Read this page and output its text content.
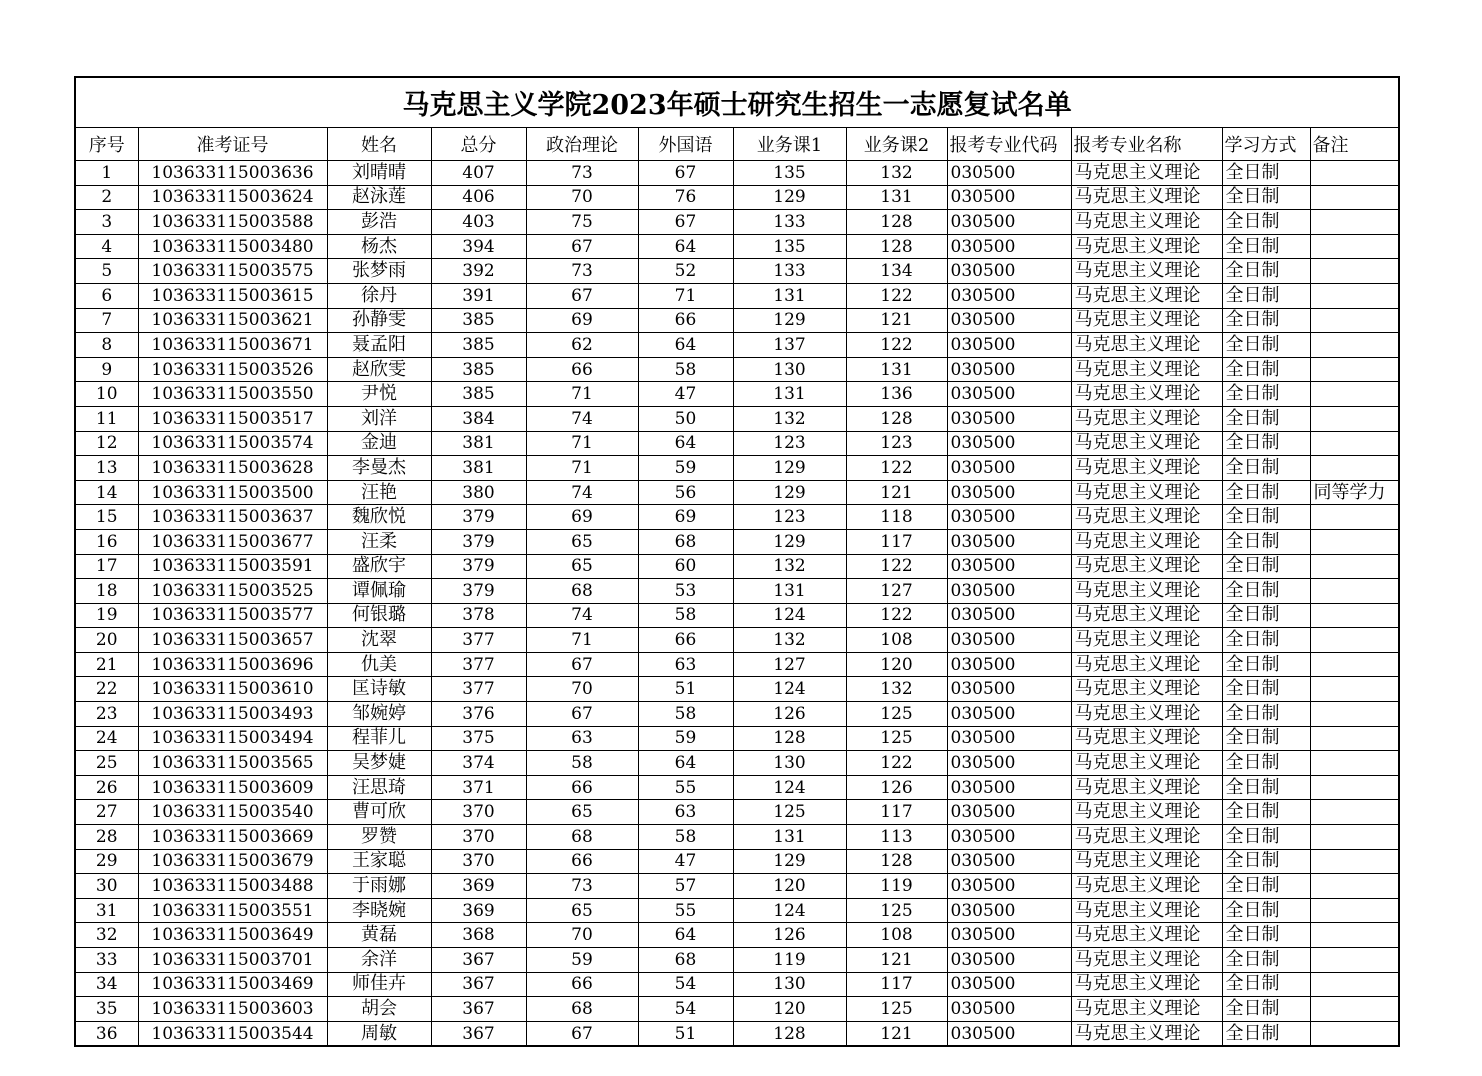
马克思主义学院2023年硕士研究生招生一志愿复试名单											
序号	准考证号	姓名	总分	政治理论	外国语	业务课1	业务课2	报考专业代码	报考专业名称	学习方式	备注
1	103633115003636	刘晴晴	407	73	67	135	132	030500	马克思主义理论	全日制	
2	103633115003624	赵泳莲	406	70	76	129	131	030500	马克思主义理论	全日制	
3	103633115003588	彭浩	403	75	67	133	128	030500	马克思主义理论	全日制	
4	103633115003480	杨杰	394	67	64	135	128	030500	马克思主义理论	全日制	
5	103633115003575	张梦雨	392	73	52	133	134	030500	马克思主义理论	全日制	
6	103633115003615	徐丹	391	67	71	131	122	030500	马克思主义理论	全日制	
7	103633115003621	孙静雯	385	69	66	129	121	030500	马克思主义理论	全日制	
8	103633115003671	聂孟阳	385	62	64	137	122	030500	马克思主义理论	全日制	
9	103633115003526	赵欣雯	385	66	58	130	131	030500	马克思主义理论	全日制	
10	103633115003550	尹悦	385	71	47	131	136	030500	马克思主义理论	全日制	
11	103633115003517	刘洋	384	74	50	132	128	030500	马克思主义理论	全日制	
12	103633115003574	金迪	381	71	64	123	123	030500	马克思主义理论	全日制	
13	103633115003628	李曼杰	381	71	59	129	122	030500	马克思主义理论	全日制	
14	103633115003500	汪艳	380	74	56	129	121	030500	马克思主义理论	全日制	同等学力
15	103633115003637	魏欣悦	379	69	69	123	118	030500	马克思主义理论	全日制	
16	103633115003677	汪柔	379	65	68	129	117	030500	马克思主义理论	全日制	
17	103633115003591	盛欣宇	379	65	60	132	122	030500	马克思主义理论	全日制	
18	103633115003525	谭佩瑜	379	68	53	131	127	030500	马克思主义理论	全日制	
19	103633115003577	何银璐	378	74	58	124	122	030500	马克思主义理论	全日制	
20	103633115003657	沈翠	377	71	66	132	108	030500	马克思主义理论	全日制	
21	103633115003696	仇美	377	67	63	127	120	030500	马克思主义理论	全日制	
22	103633115003610	匡诗敏	377	70	51	124	132	030500	马克思主义理论	全日制	
23	103633115003493	邹婉婷	376	67	58	126	125	030500	马克思主义理论	全日制	
24	103633115003494	程菲儿	375	63	59	128	125	030500	马克思主义理论	全日制	
25	103633115003565	吴梦婕	374	58	64	130	122	030500	马克思主义理论	全日制	
26	103633115003609	汪思琦	371	66	55	124	126	030500	马克思主义理论	全日制	
27	103633115003540	曹可欣	370	65	63	125	117	030500	马克思主义理论	全日制	
28	103633115003669	罗赞	370	68	58	131	113	030500	马克思主义理论	全日制	
29	103633115003679	王家聪	370	66	47	129	128	030500	马克思主义理论	全日制	
30	103633115003488	于雨娜	369	73	57	120	119	030500	马克思主义理论	全日制	
31	103633115003551	李晓婉	369	65	55	124	125	030500	马克思主义理论	全日制	
32	103633115003649	黄磊	368	70	64	126	108	030500	马克思主义理论	全日制	
33	103633115003701	余洋	367	59	68	119	121	030500	马克思主义理论	全日制	
34	103633115003469	师佳卉	367	66	54	130	117	030500	马克思主义理论	全日制	
35	103633115003603	胡会	367	68	54	120	125	030500	马克思主义理论	全日制	
36	103633115003544	周敏	367	67	51	128	121	030500	马克思主义理论	全日制	
